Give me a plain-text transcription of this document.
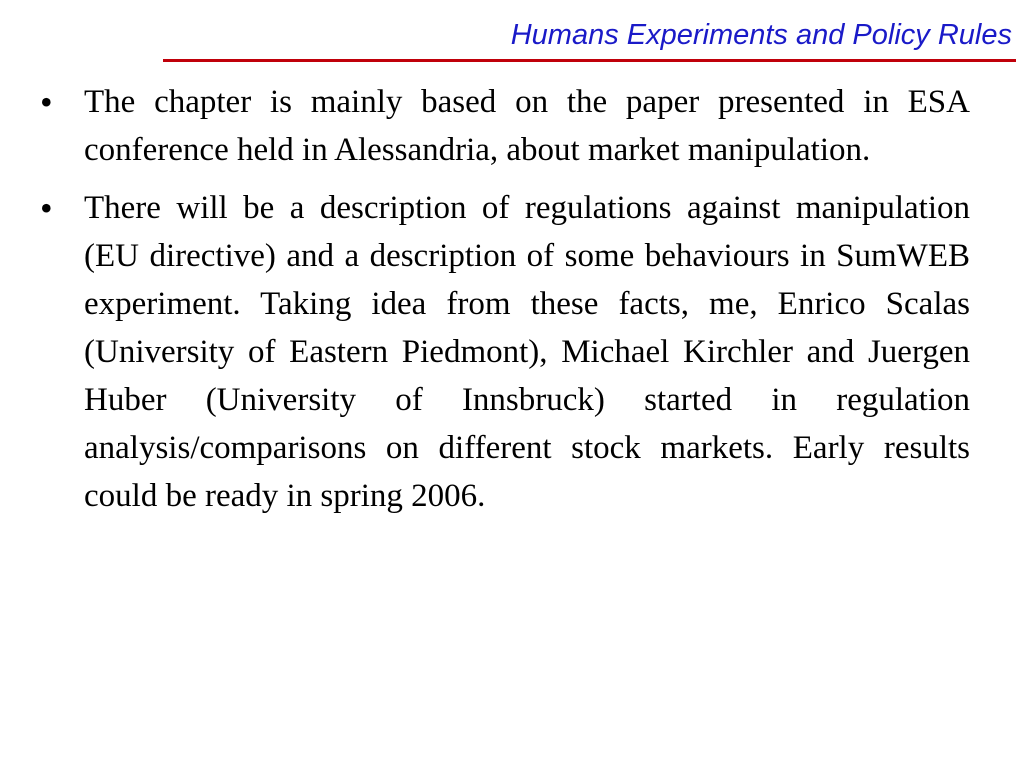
Humans Experiments and Policy Rules
• The chapter is mainly based on the paper presented in ESA conference held in Alessandria, about market manipulation.
• There will be a description of regulations against manipulation (EU directive) and a description of some behaviours in SumWEB experiment. Taking idea from these facts, me, Enrico Scalas (University of Eastern Piedmont), Michael Kirchler and Juergen Huber (University of Innsbruck) started in regulation analysis/comparisons on different stock markets. Early results could be ready in spring 2006.
